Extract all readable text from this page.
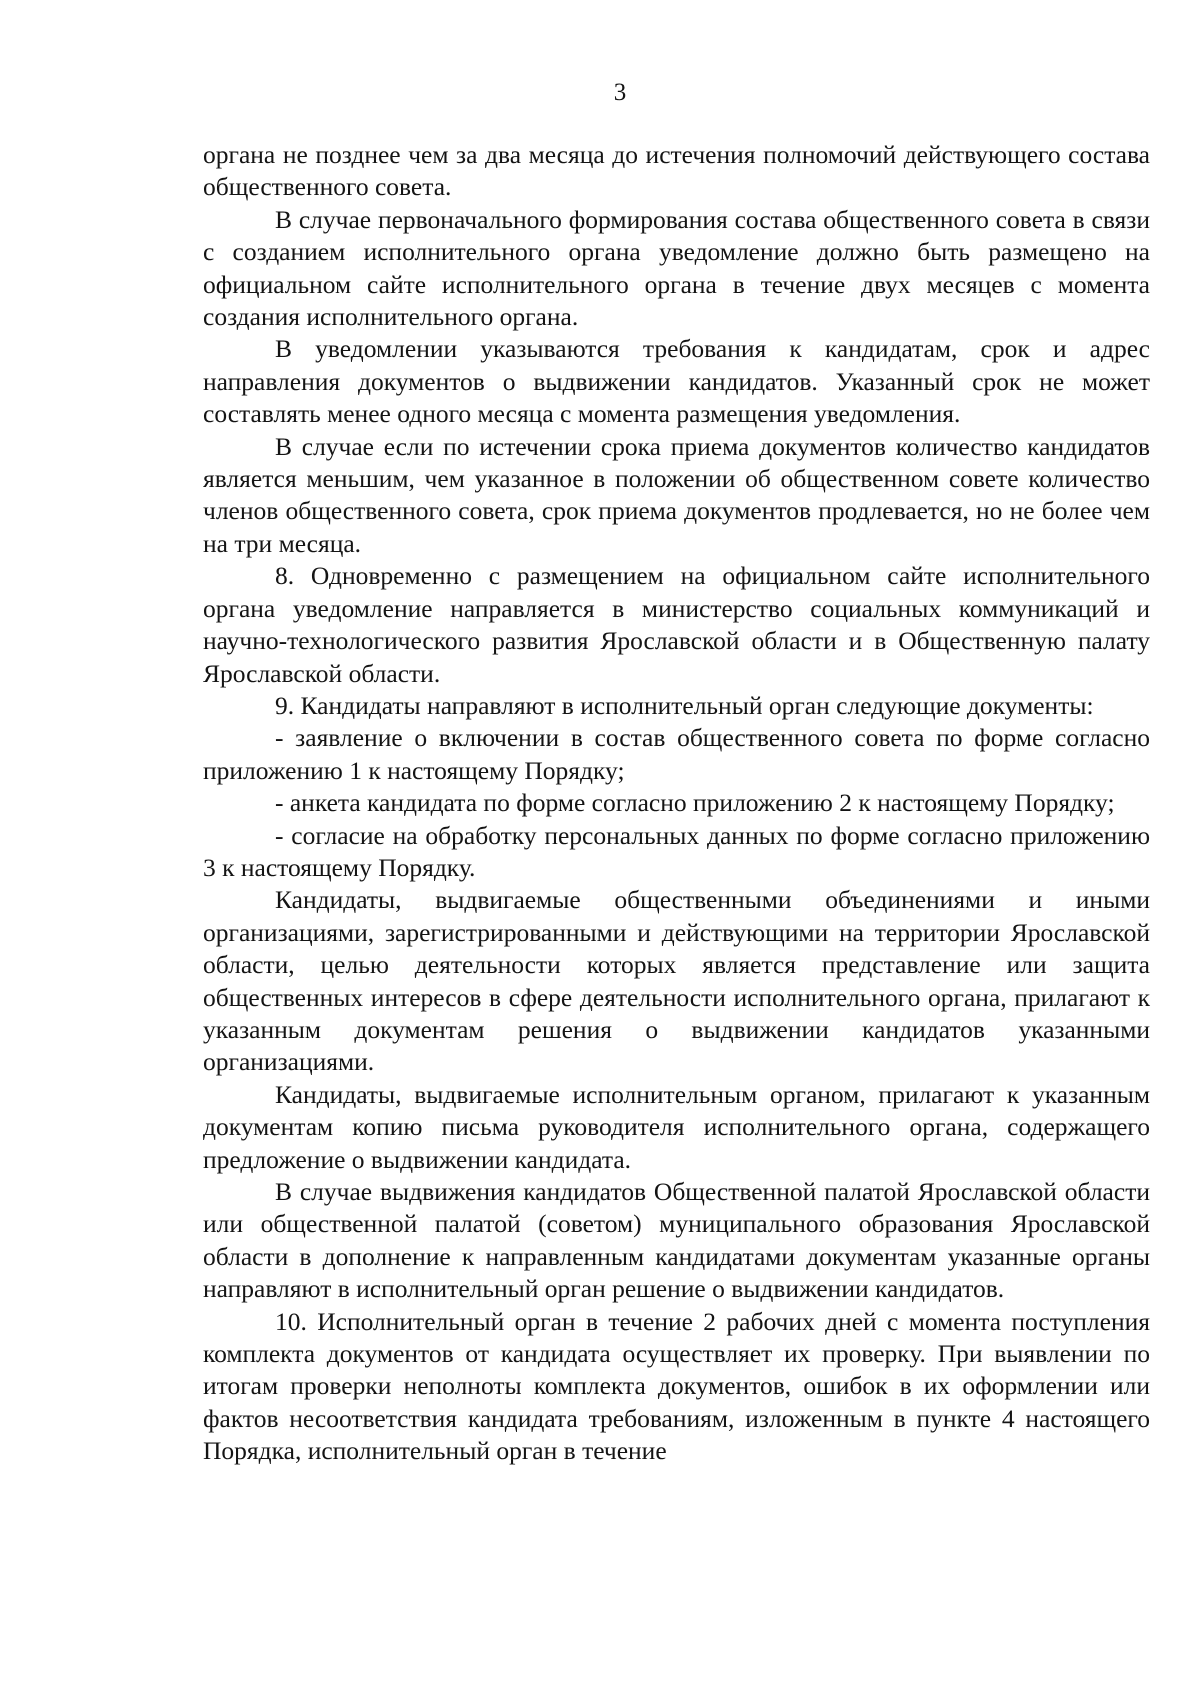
3

органа не позднее чем за два месяца до истечения полномочий действующего состава общественного совета.

В случае первоначального формирования состава общественного совета в связи с созданием исполнительного органа уведомление должно быть размещено на официальном сайте исполнительного органа в течение двух месяцев с момента создания исполнительного органа.

В уведомлении указываются требования к кандидатам, срок и адрес направления документов о выдвижении кандидатов. Указанный срок не может составлять менее одного месяца с момента размещения уведомления.

В случае если по истечении срока приема документов количество кандидатов является меньшим, чем указанное в положении об общественном совете количество членов общественного совета, срок приема документов продлевается, но не более чем на три месяца.

8. Одновременно с размещением на официальном сайте исполнительного органа уведомление направляется в министерство социальных коммуникаций и научно-технологического развития Ярославской области и в Общественную палату Ярославской области.

9. Кандидаты направляют в исполнительный орган следующие документы:

- заявление о включении в состав общественного совета по форме согласно приложению 1 к настоящему Порядку;

- анкета кандидата по форме согласно приложению 2 к настоящему Порядку;

- согласие на обработку персональных данных по форме согласно приложению 3 к настоящему Порядку.

Кандидаты, выдвигаемые общественными объединениями и иными организациями, зарегистрированными и действующими на территории Ярославской области, целью деятельности которых является представление или защита общественных интересов в сфере деятельности исполнительного органа, прилагают к указанным документам решения о выдвижении кандидатов указанными организациями.

Кандидаты, выдвигаемые исполнительным органом, прилагают к указанным документам копию письма руководителя исполнительного органа, содержащего предложение о выдвижении кандидата.

В случае выдвижения кандидатов Общественной палатой Ярославской области или общественной палатой (советом) муниципального образования Ярославской области в дополнение к направленным кандидатами документам указанные органы направляют в исполнительный орган решение о выдвижении кандидатов.

10. Исполнительный орган в течение 2 рабочих дней с момента поступления комплекта документов от кандидата осуществляет их проверку. При выявлении по итогам проверки неполноты комплекта документов, ошибок в их оформлении или фактов несоответствия кандидата требованиям, изложенным в пункте 4 настоящего Порядка, исполнительный орган в течение
